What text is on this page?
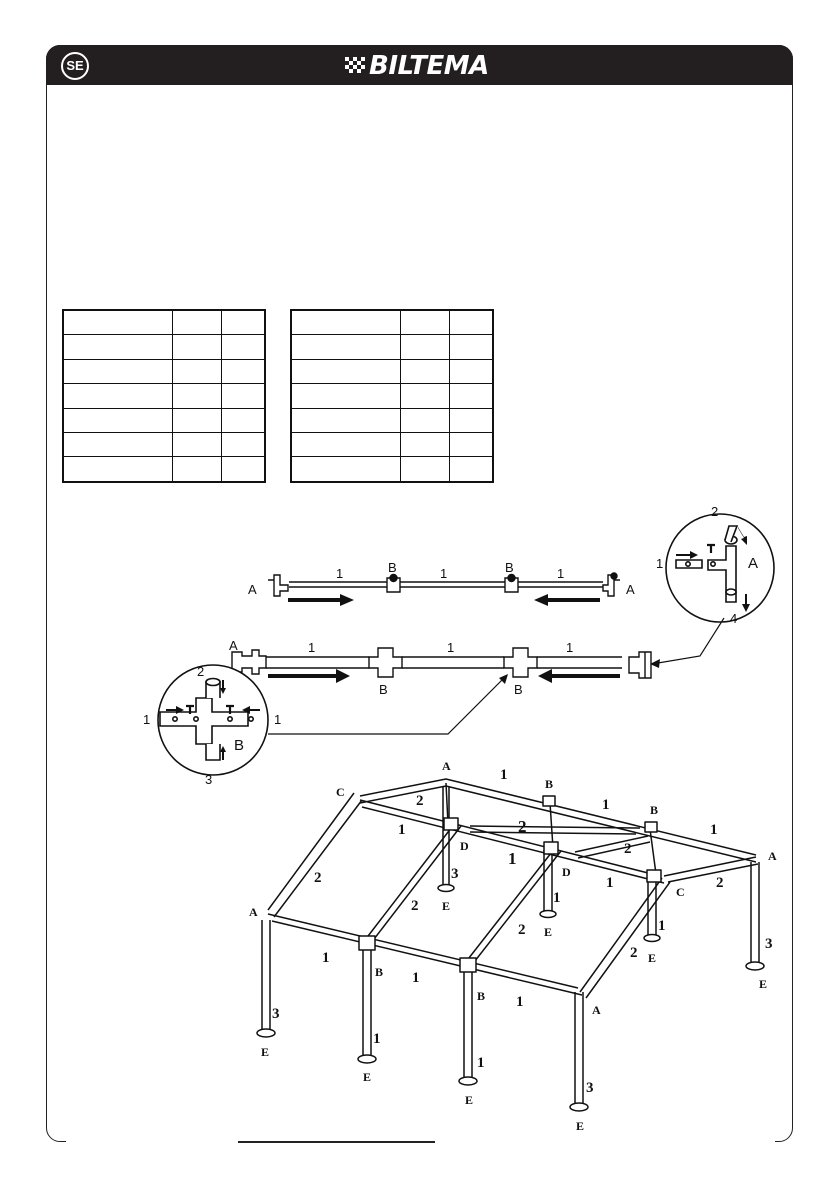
SE	BILTEMA

A
1	B	1	B	1
A
2
1
4
A
A	1
B
1
B
1
2
1	1
3
B
A
C
A
A
C
B
B
D
D
B
B
A
1
1
1
2
2
2
2
1
1
1
2
2
2
2
1
1
1
3
1
1
1
1
3
3
3
E
E
E
E
E
E
E
E
